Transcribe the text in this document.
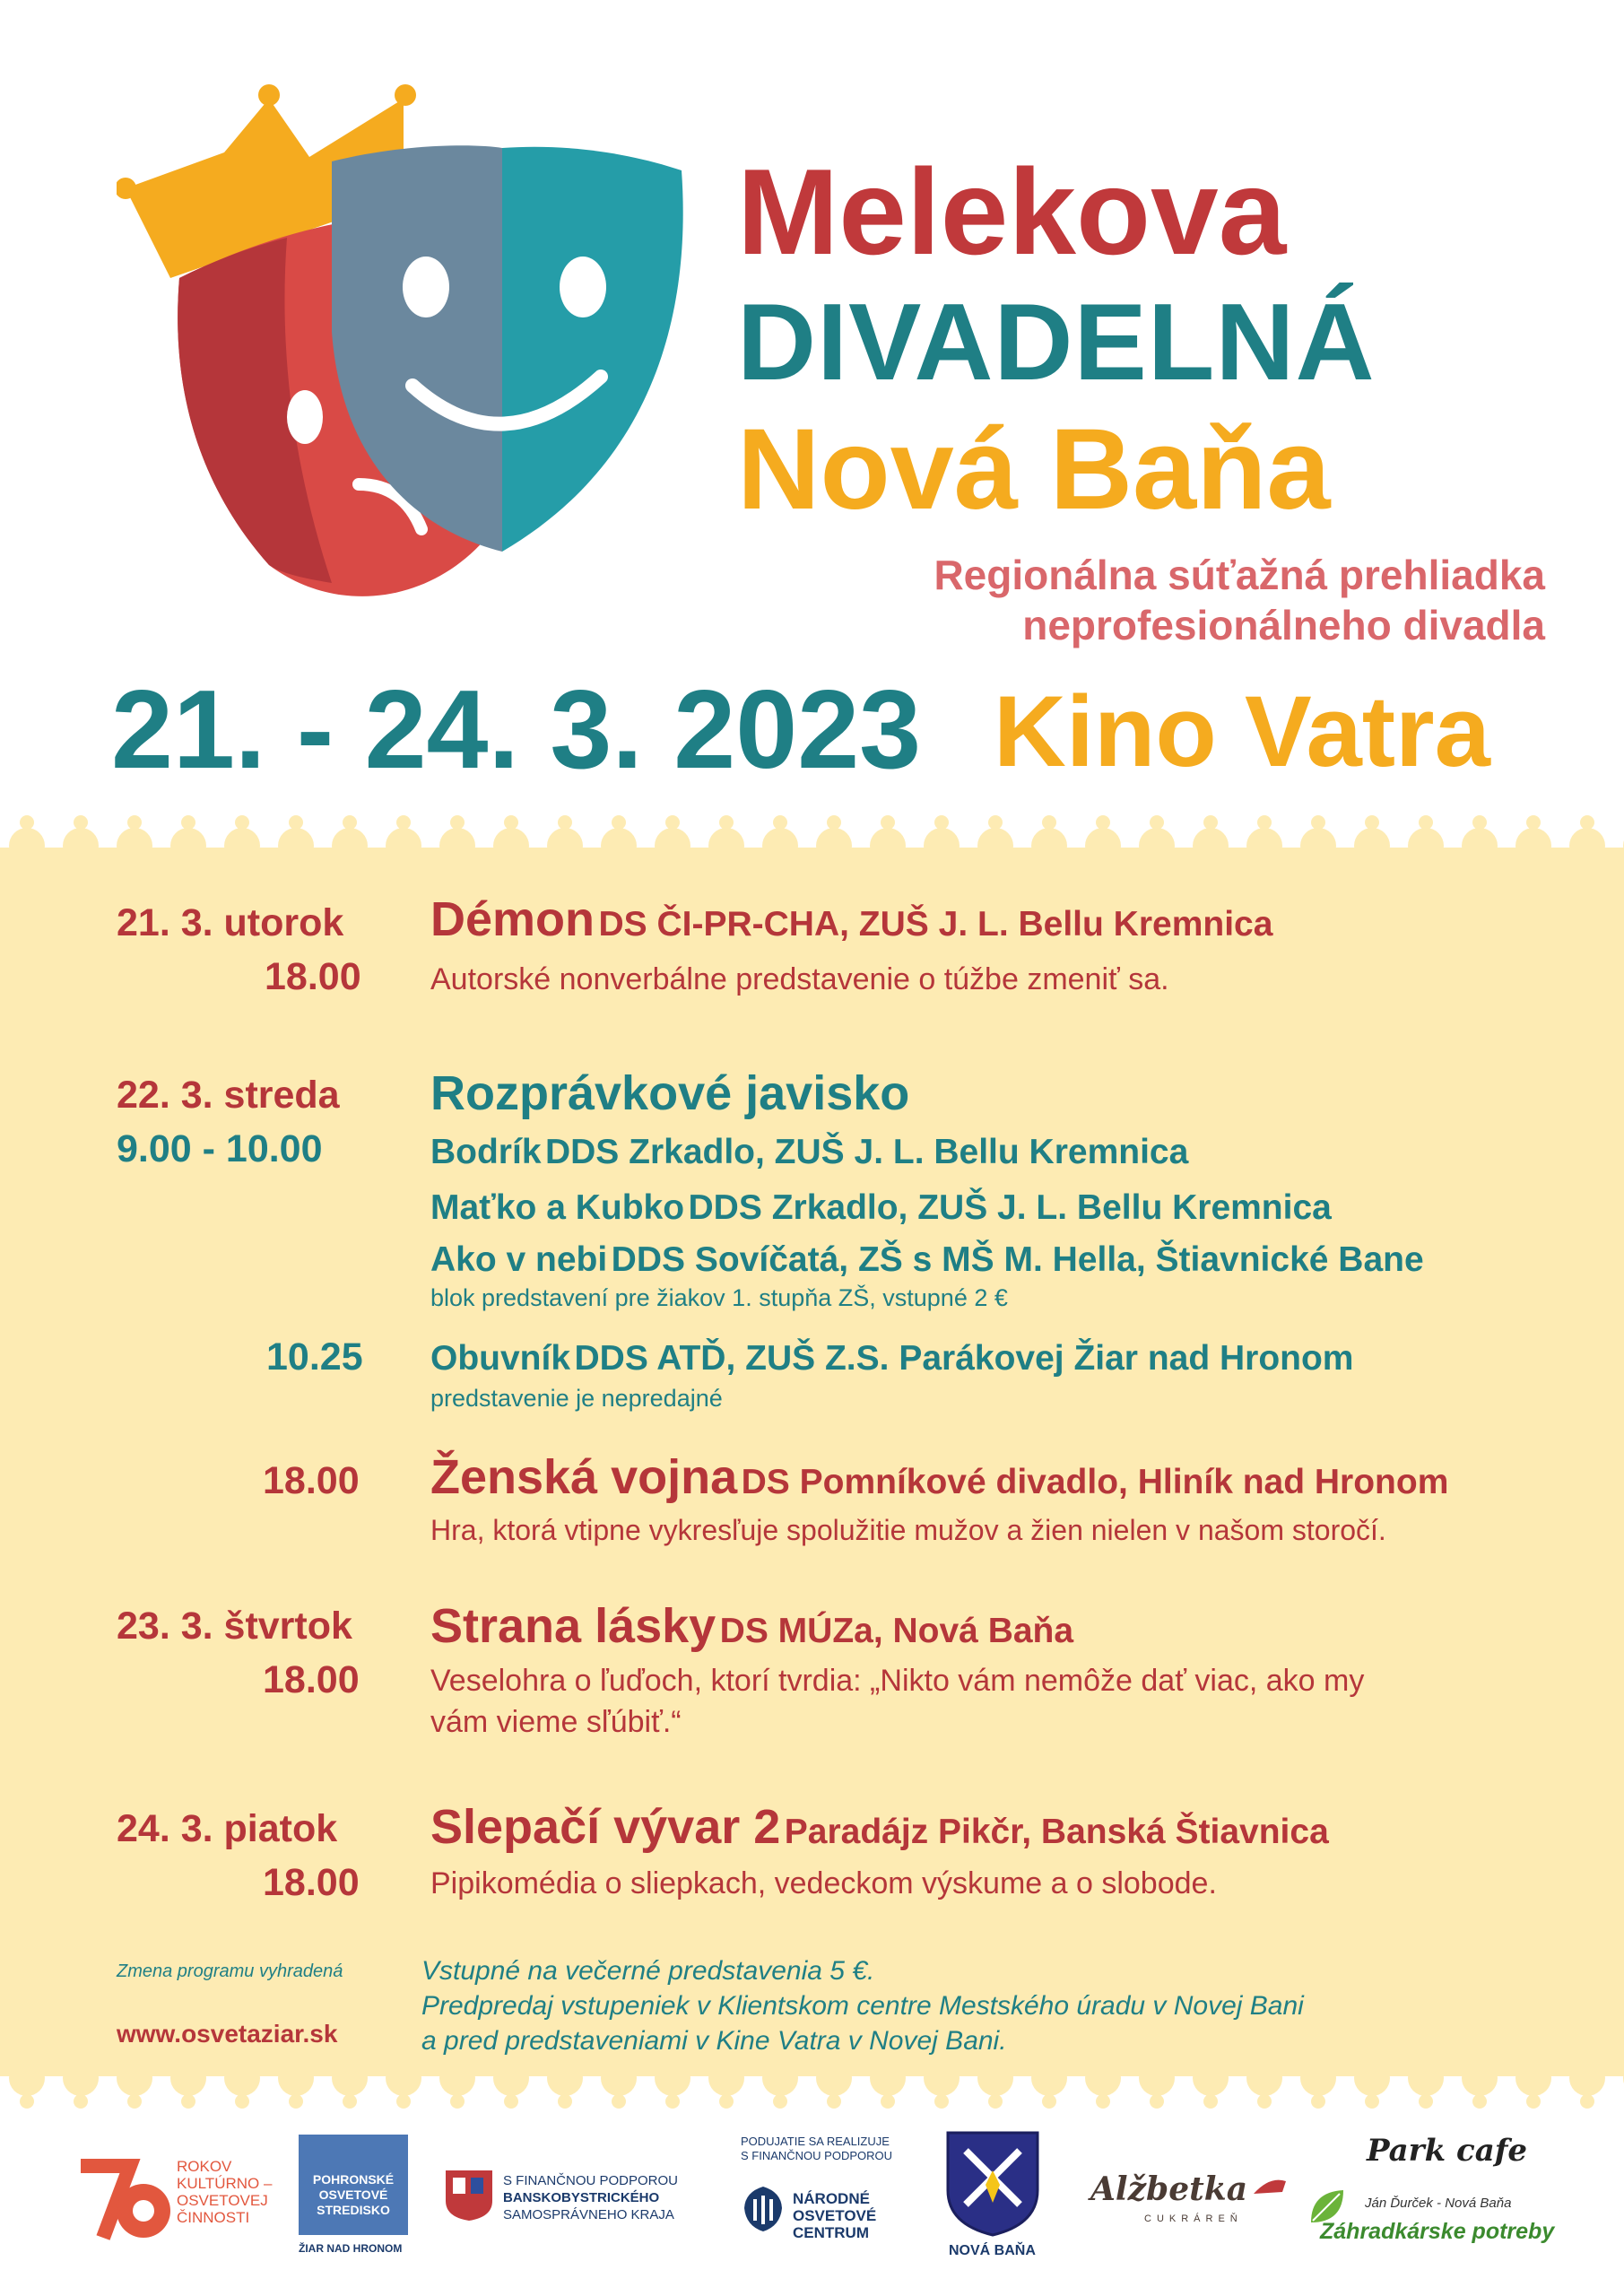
Melekova
DIVADELNÁ
Nová Baňa
Regionálna súťažná prehliadka
neprofesionálneho divadla
21. - 24. 3. 2023 Kino Vatra
21. 3. utorok
18.00
Démon DS ČI-PR-CHA, ZUŠ J. L. Bellu Kremnica
Autorské nonverbálne predstavenie o túžbe zmeniť sa.
22. 3. streda
9.00 - 10.00
Rozprávkové javisko
Bodrík DDS Zrkadlo, ZUŠ J. L. Bellu Kremnica
Maťko a Kubko DDS Zrkadlo, ZUŠ J. L. Bellu Kremnica
Ako v nebi DDS Sovíčatá, ZŠ s MŠ M. Hella, Štiavnické Bane
blok predstavení pre žiakov 1. stupňa ZŠ, vstupné 2 €
10.25 Obuvník DDS ATĎ, ZUŠ Z.S. Parákovej Žiar nad Hronom
predstavenie je nepredajné
18.00 Ženská vojna DS Pomníkové divadlo, Hliník nad Hronom
Hra, ktorá vtipne vykresľuje spolužitie mužov a žien nielen v našom storočí.
23. 3. štvrtok
18.00
Strana lásky DS MÚZa, Nová Baňa
Veselohra o ľuďoch, ktorí tvrdia: „Nikto vám nemôže dať viac, ako my
vám vieme sľúbiť.“
24. 3. piatok
18.00
Slepačí vývar 2 Paradájz Pikčr, Banská Štiavnica
Pipikomédia o sliepkach, vedeckom výskume a o slobode.
Zmena programu vyhradená
www.osvetaziar.sk
Vstupné na večerné predstavenia 5 €.
Predpredaj vstupeniek v Klientskom centre Mestského úradu v Novej Bani
a pred predstaveniami v Kine Vatra v Novej Bani.
ROKOV
KULTÚRNO –
OSVETOVEJ
ČINNOSTI
POHRONSKÉ
OSVETOVÉ
STREDISKO
ŽIAR NAD HRONOM
S FINANČNOU PODPOROU
BANSKOBYSTRICKÉHO
SAMOSPRÁVNEHO KRAJA
PODUJATIE SA REALIZUJE
S FINANČNOU PODPOROU
NÁRODNÉ
OSVETOVÉ
CENTRUM
NOVÁ BAŇA
Alžbetka
CUKRÁREŇ
Park cafe
Ján Ďurček - Nová Baňa
Záhradkárske potreby
